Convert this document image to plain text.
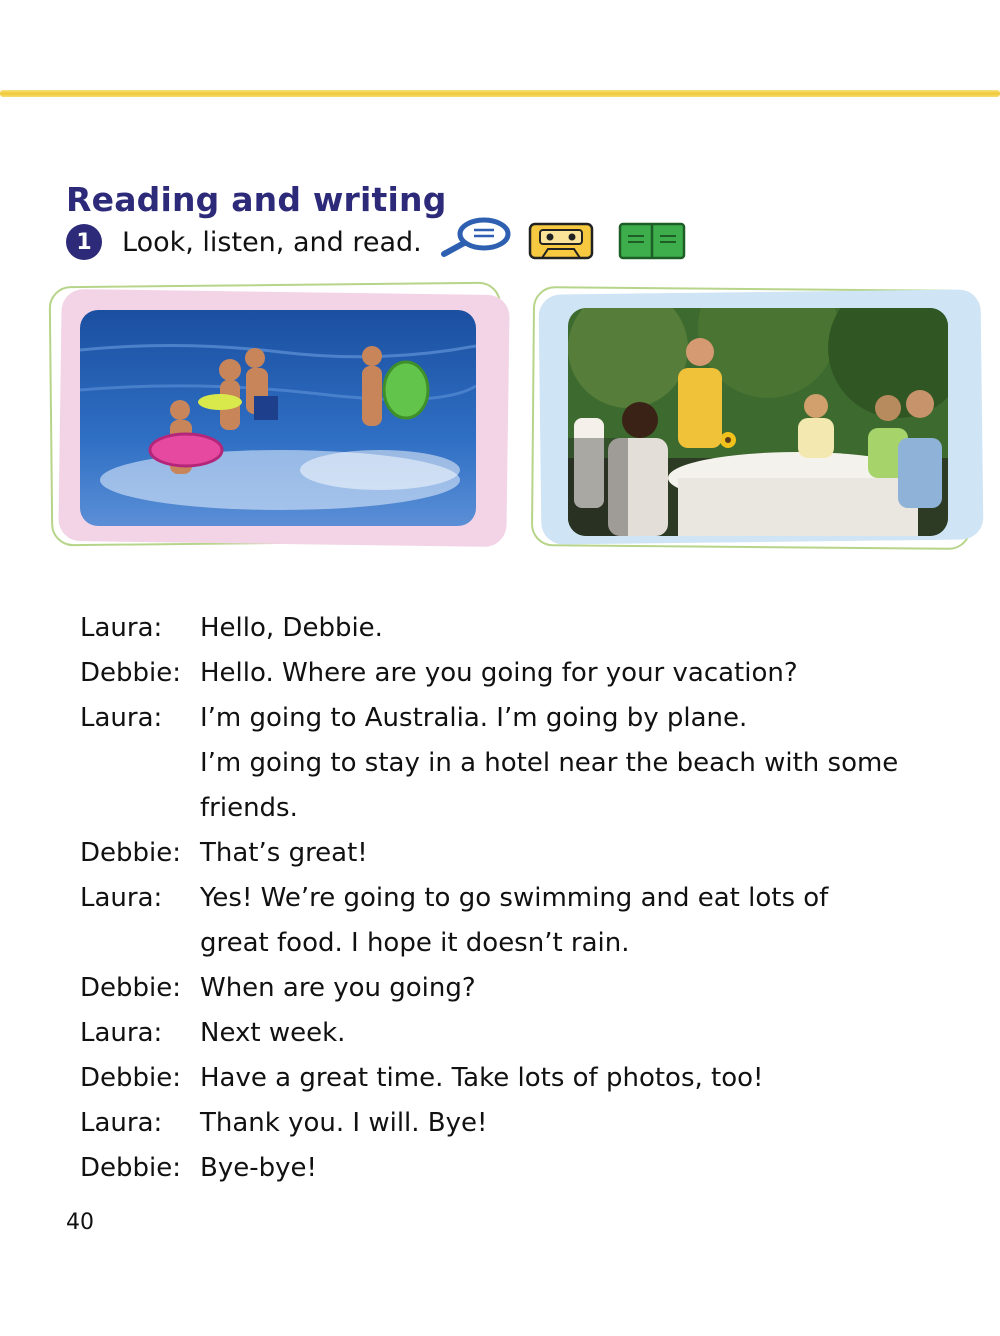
Reading and writing
1	Look, listen, and read.
Laura:	Hello, Debbie.
Debbie: Hello. Where are you going for your vacation?
Laura:	I’m going to Australia. I’m going by plane.
I’m going to stay in a hotel near the beach with some
friends.
Debbie: That’s great!
Laura:	Yes! We’re going to go swimming and eat lots of
great food. I hope it doesn’t rain.
Debbie: When are you going?
Laura:	Next week.
Debbie: Have a great time. Take lots of photos, too!
Laura:	Thank you. I will. Bye!
Debbie: Bye-bye!
40
